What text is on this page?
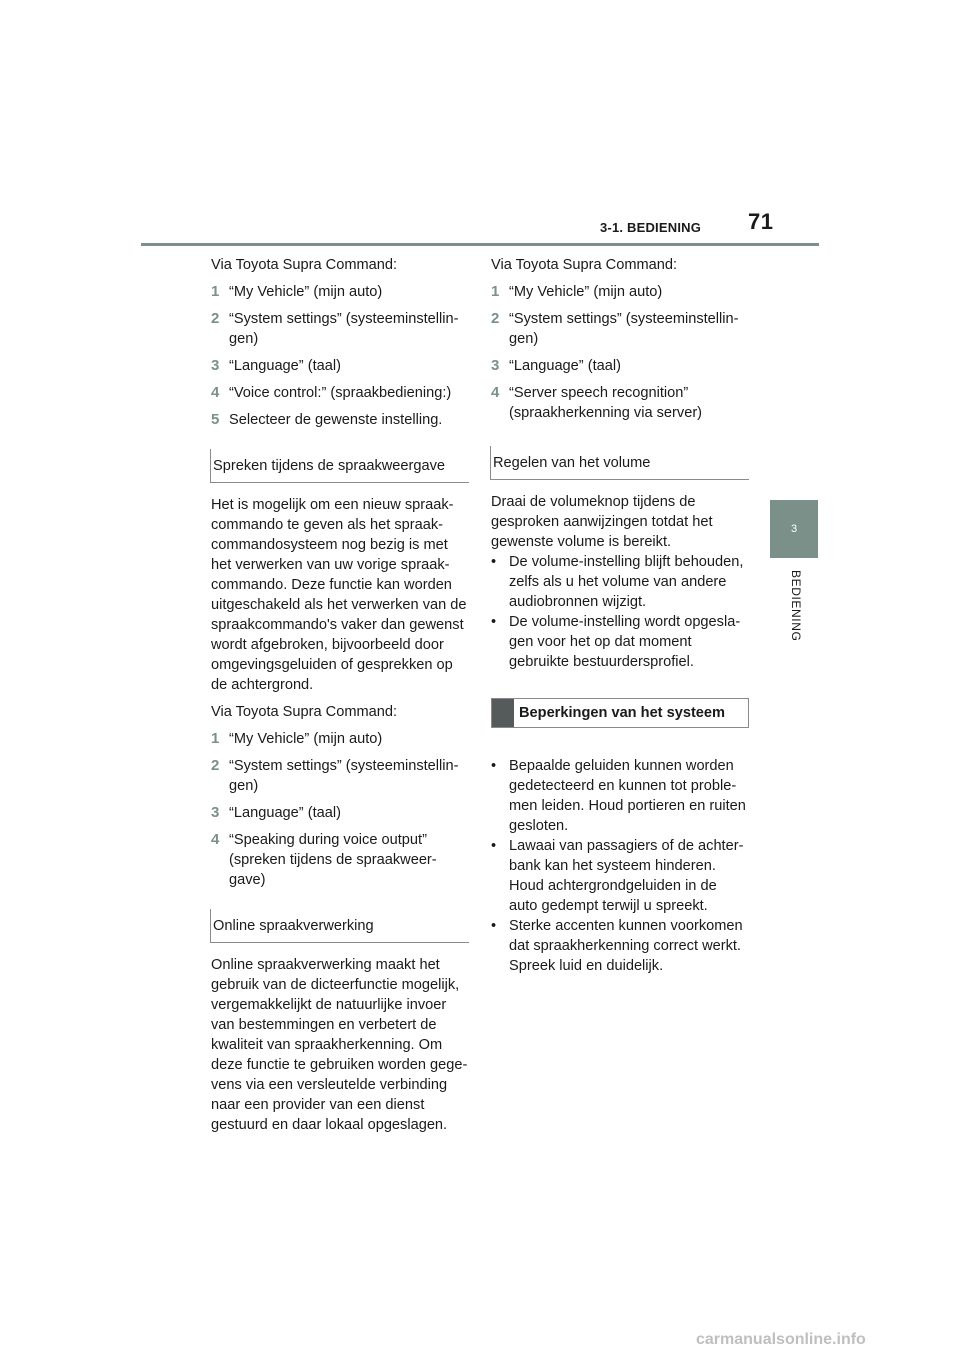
3-1. BEDIENING 71
3
BEDIENING

Via Toyota Supra Command:

1 “My Vehicle” (mijn auto)
2 “System settings” (systeeminstellin-gen)
3 “Language” (taal)
4 “Voice control:” (spraakbediening:)
5 Selecteer de gewenste instelling.
Spreken tijdens de spraakweergave

Het is mogelijk om een nieuw spraak-commando te geven als het spraak-commandosysteem nog bezig is met het verwerken van uw vorige spraak-commando. Deze functie kan worden uitgeschakeld als het verwerken van de spraakcommando's vaker dan gewenst wordt afgebroken, bijvoorbeeld door omgevingsgeluiden of gesprekken op de achtergrond.

Via Toyota Supra Command:

1 “My Vehicle” (mijn auto)
2 “System settings” (systeeminstellin-gen)
3 “Language” (taal)
4 “Speaking during voice output” (spreken tijdens de spraakweer-gave)
Online spraakverwerking

Online spraakverwerking maakt het gebruik van de dicteerfunctie mogelijk, vergemakkelijkt de natuurlijke invoer van bestemmingen en verbetert de kwaliteit van spraakherkenning. Om deze functie te gebruiken worden gege-vens via een versleutelde verbinding naar een provider van een dienst gestuurd en daar lokaal opgeslagen.

Via Toyota Supra Command:

1 “My Vehicle” (mijn auto)
2 “System settings” (systeeminstellin-gen)
3 “Language” (taal)
4 “Server speech recognition” (spraakherkenning via server)
Regelen van het volume

Draai de volumeknop tijdens de gesproken aanwijzingen totdat het gewenste volume is bereikt.

• De volume-instelling blijft behouden, zelfs als u het volume van andere audiobronnen wijzigt.
• De volume-instelling wordt opgesla-gen voor het op dat moment gebruikte bestuurdersprofiel.
Beperkingen van het systeem
• Bepaalde geluiden kunnen worden gedetecteerd en kunnen tot proble-men leiden. Houd portieren en ruiten gesloten.
• Lawaai van passagiers of de achter-bank kan het systeem hinderen. Houd achtergrondgeluiden in de auto gedempt terwijl u spreekt.
• Sterke accenten kunnen voorkomen dat spraakherkenning correct werkt. Spreek luid en duidelijk.
carmanualsonline.info
